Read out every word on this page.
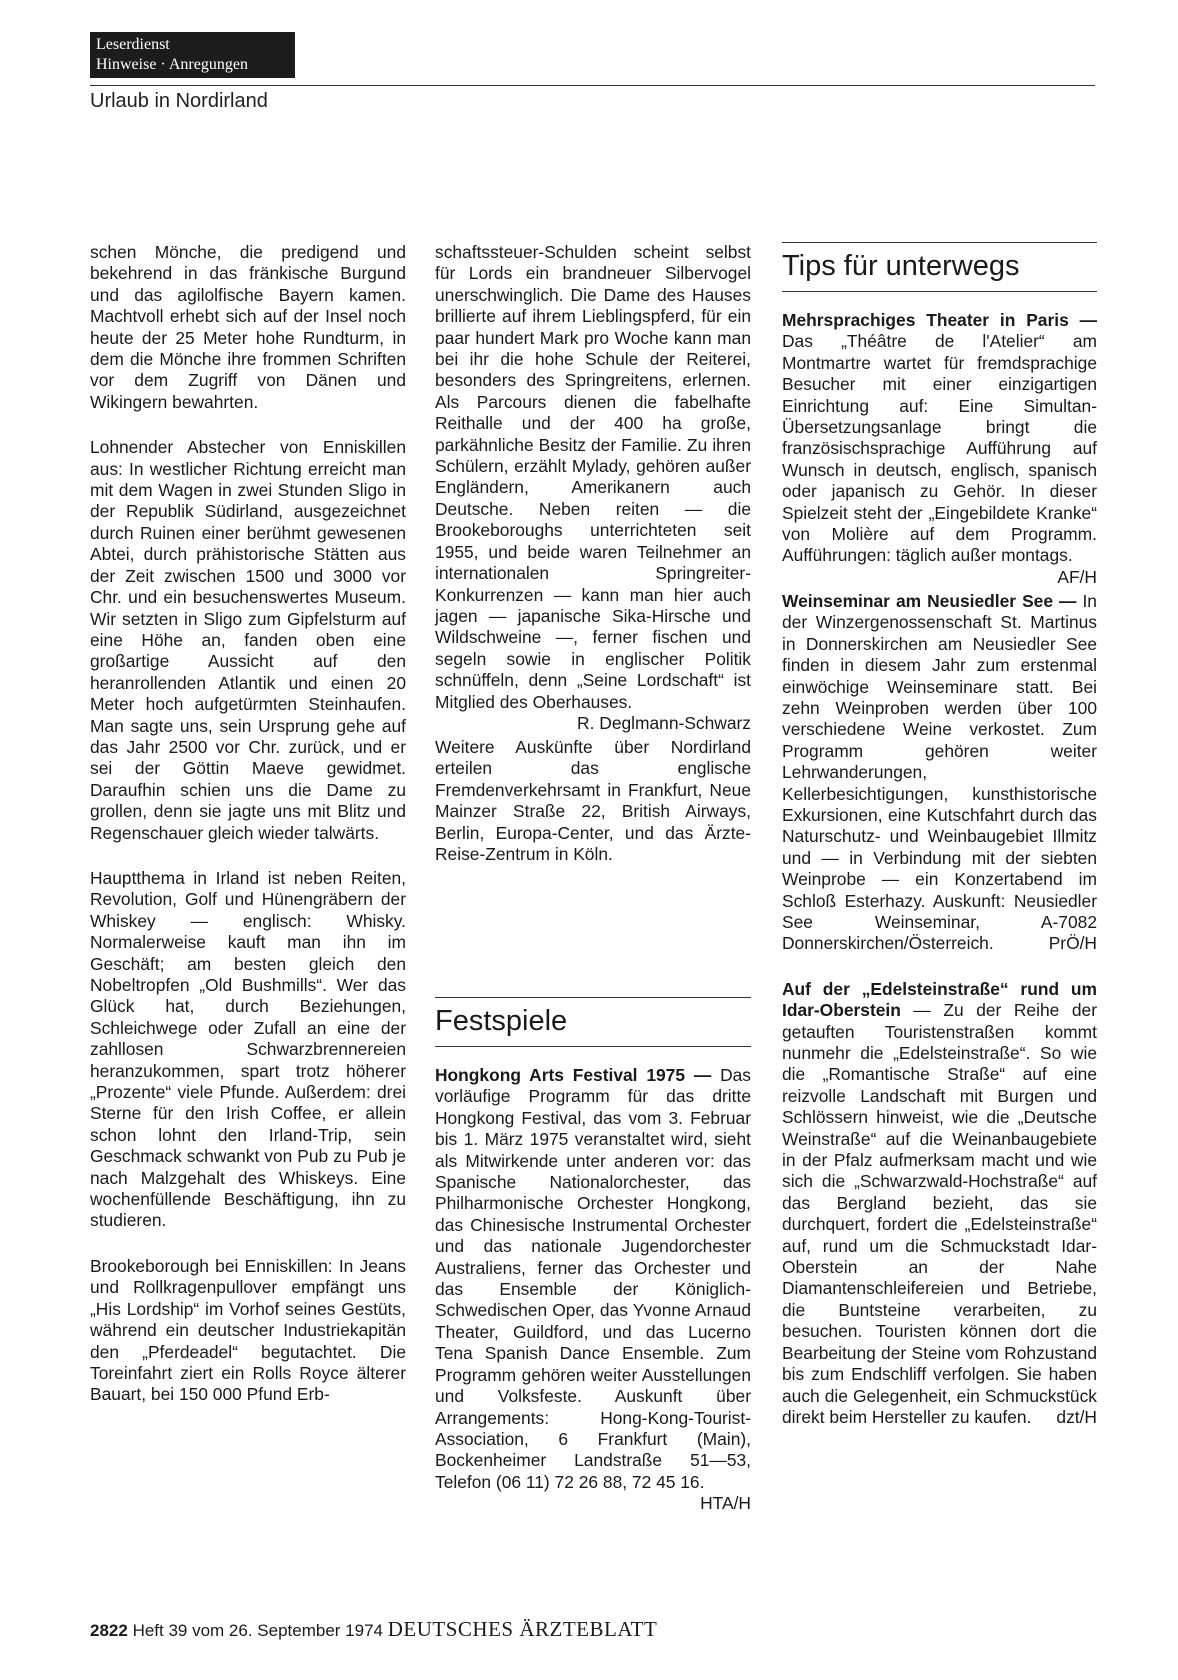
Leserdienst
Hinweise · Anregungen
Urlaub in Nordirland

schen Mönche, die predigend und bekehrend in das fränkische Burgund und das agilolfische Bayern kamen. Machtvoll erhebt sich auf der Insel noch heute der 25 Meter hohe Rundturm, in dem die Mönche ihre frommen Schriften vor dem Zugriff von Dänen und Wikingern bewahrten.

Lohnender Abstecher von Enniskillen aus: In westlicher Richtung erreicht man mit dem Wagen in zwei Stunden Sligo in der Republik Südirland, ausgezeichnet durch Ruinen einer berühmt gewesenen Abtei, durch prähistorische Stätten aus der Zeit zwischen 1500 und 3000 vor Chr. und ein besuchenswertes Museum. Wir setzten in Sligo zum Gipfelsturm auf eine Höhe an, fanden oben eine großartige Aussicht auf den heranrollenden Atlantik und einen 20 Meter hoch aufgetürmten Steinhaufen. Man sagte uns, sein Ursprung gehe auf das Jahr 2500 vor Chr. zurück, und er sei der Göttin Maeve gewidmet. Daraufhin schien uns die Dame zu grollen, denn sie jagte uns mit Blitz und Regenschauer gleich wieder talwärts.

Hauptthema in Irland ist neben Reiten, Revolution, Golf und Hünengräbern der Whiskey — englisch: Whisky. Normalerweise kauft man ihn im Geschäft; am besten gleich den Nobeltropfen „Old Bushmills“. Wer das Glück hat, durch Beziehungen, Schleichwege oder Zufall an eine der zahllosen Schwarzbrennereien heranzukommen, spart trotz höherer „Prozente“ viele Pfunde. Außerdem: drei Sterne für den Irish Coffee, er allein schon lohnt den Irland-Trip, sein Geschmack schwankt von Pub zu Pub je nach Malzgehalt des Whiskeys. Eine wochenfüllende Beschäftigung, ihn zu studieren.

Brookeborough bei Enniskillen: In Jeans und Rollkragenpullover empfängt uns „His Lordship“ im Vorhof seines Gestüts, während ein deutscher Industriekapitän den „Pferdeadel“ begutachtet. Die Toreinfahrt ziert ein Rolls Royce älterer Bauart, bei 150 000 Pfund Erb-

schaftssteuer-Schulden scheint selbst für Lords ein brandneuer Silbervogel unerschwinglich. Die Dame des Hauses brillierte auf ihrem Lieblingspferd, für ein paar hundert Mark pro Woche kann man bei ihr die hohe Schule der Reiterei, besonders des Springreitens, erlernen. Als Parcours dienen die fabelhafte Reithalle und der 400 ha große, parkähnliche Besitz der Familie. Zu ihren Schülern, erzählt Mylady, gehören außer Engländern, Amerikanern auch Deutsche. Neben reiten — die Brookeboroughs unterrichteten seit 1955, und beide waren Teilnehmer an internationalen Springreiter-Konkurrenzen — kann man hier auch jagen — japanische Sika-Hirsche und Wildschweine —, ferner fischen und segeln sowie in englischer Politik schnüffeln, denn „Seine Lordschaft“ ist Mitglied des Oberhauses.
R. Deglmann-Schwarz

Weitere Auskünfte über Nordirland erteilen das englische Fremdenverkehrsamt in Frankfurt, Neue Mainzer Straße 22, British Airways, Berlin, Europa-Center, und das Ärzte-Reise-Zentrum in Köln.

Festspiele
Hongkong Arts Festival 1975 — Das vorläufige Programm für das dritte Hongkong Festival, das vom 3. Februar bis 1. März 1975 veranstaltet wird, sieht als Mitwirkende unter anderen vor: das Spanische Nationalorchester, das Philharmonische Orchester Hongkong, das Chinesische Instrumental Orchester und das nationale Jugendorchester Australiens, ferner das Orchester und das Ensemble der Königlich-Schwedischen Oper, das Yvonne Arnaud Theater, Guildford, und das Lucerno Tena Spanish Dance Ensemble. Zum Programm gehören weiter Ausstellungen und Volksfeste. Auskunft über Arrangements: Hong-Kong-Tourist-Association, 6 Frankfurt (Main), Bockenheimer Landstraße 51—53, Telefon (06 11) 72 26 88, 72 45 16.
HTA/H
Tips für unterwegs

Mehrsprachiges Theater in Paris — Das „Théâtre de l'Atelier“ am Montmartre wartet für fremdsprachige Besucher mit einer einzigartigen Einrichtung auf: Eine Simultan-Übersetzungsanlage bringt die französischsprachige Aufführung auf Wunsch in deutsch, englisch, spanisch oder japanisch zu Gehör. In dieser Spielzeit steht der „Eingebildete Kranke“ von Molière auf dem Programm. Aufführungen: täglich außer montags.
AF/H

Weinseminar am Neusiedler See — In der Winzergenossenschaft St. Martinus in Donnerskirchen am Neusiedler See finden in diesem Jahr zum erstenmal einwöchige Weinseminare statt. Bei zehn Weinproben werden über 100 verschiedene Weine verkostet. Zum Programm gehören weiter Lehrwanderungen, Kellerbesichtigungen, kunsthistorische Exkursionen, eine Kutschfahrt durch das Naturschutz- und Weinbaugebiet Illmitz und — in Verbindung mit der siebten Weinprobe — ein Konzertabend im Schloß Esterhazy. Auskunft: Neusiedler See Weinseminar, A-7082 Donnerskirchen/Österreich.	PrÖ/H

Auf der „Edelsteinstraße“ rund um Idar-Oberstein — Zu der Reihe der getauften Touristenstraßen kommt nunmehr die „Edelsteinstraße“. So wie die „Romantische Straße“ auf eine reizvolle Landschaft mit Burgen und Schlössern hinweist, wie die „Deutsche Weinstraße“ auf die Weinanbaugebiete in der Pfalz aufmerksam macht und wie sich die „Schwarzwald-Hochstraße“ auf das Bergland bezieht, das sie durchquert, fordert die „Edelsteinstraße“ auf, rund um die Schmuckstadt Idar-Oberstein an der Nahe Diamantenschleifereien und Betriebe, die Buntsteine verarbeiten, zu besuchen. Touristen können dort die Bearbeitung der Steine vom Rohzustand bis zum Endschliff verfolgen. Sie haben auch die Gelegenheit, ein Schmuckstück direkt beim Hersteller zu kaufen. dzt/H

2822 Heft 39 vom 26. September 1974 DEUTSCHES ÄRZTEBLATT
